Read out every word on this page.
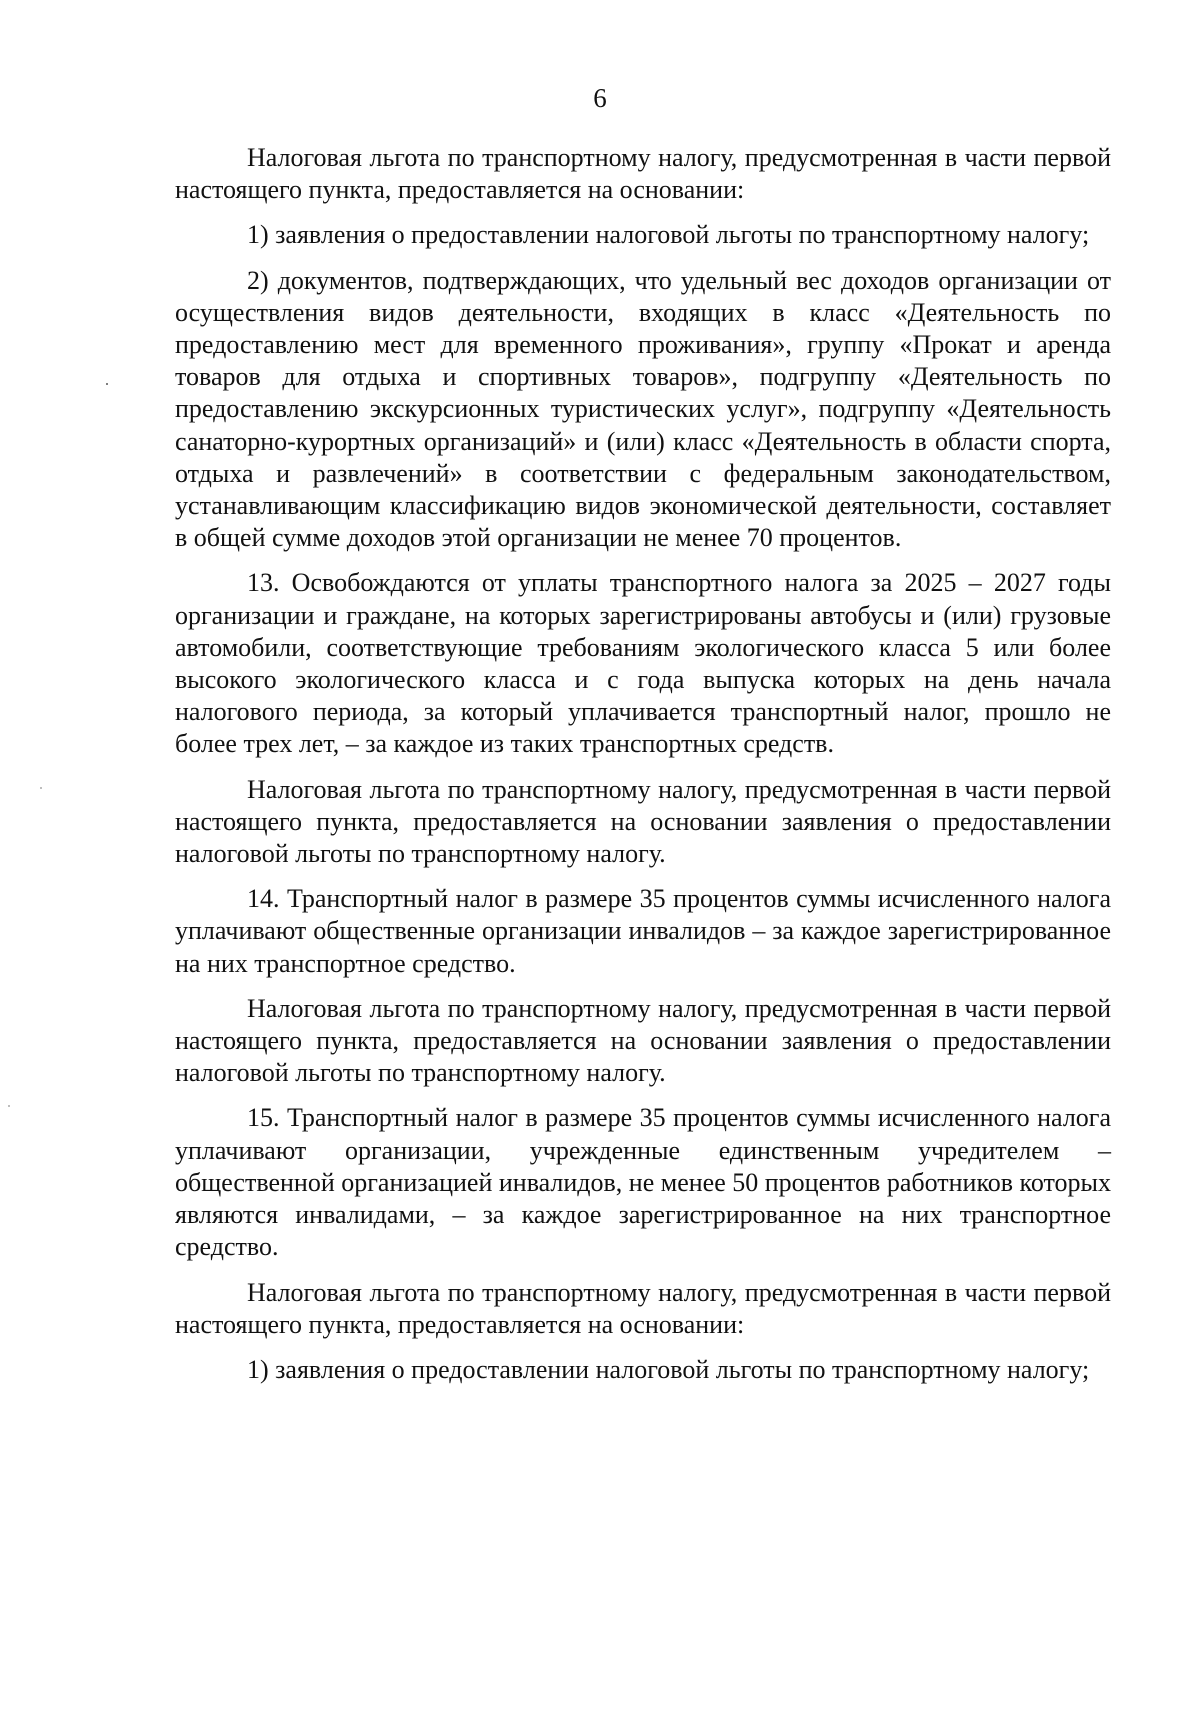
6

Налоговая льгота по транспортному налогу, предусмотренная в части первой настоящего пункта, предоставляется на основании:

1) заявления о предоставлении налоговой льготы по транспортному налогу;

2) документов, подтверждающих, что удельный вес доходов организации от осуществления видов деятельности, входящих в класс «Деятельность по предоставлению мест для временного проживания», группу «Прокат и аренда товаров для отдыха и спортивных товаров», подгруппу «Деятельность по предоставлению экскурсионных туристических услуг», подгруппу «Деятельность санаторно-курортных организаций» и (или) класс «Деятельность в области спорта, отдыха и развлечений» в соответствии с федеральным законодательством, устанавливающим классификацию видов экономической деятельности, составляет в общей сумме доходов этой организации не менее 70 процентов.

13. Освобождаются от уплаты транспортного налога за 2025 – 2027 годы организации и граждане, на которых зарегистрированы автобусы и (или) грузовые автомобили, соответствующие требованиям экологического класса 5 или более высокого экологического класса и с года выпуска которых на день начала налогового периода, за который уплачивается транспортный налог, прошло не более трех лет, – за каждое из таких транспортных средств.

Налоговая льгота по транспортному налогу, предусмотренная в части первой настоящего пункта, предоставляется на основании заявления о предоставлении налоговой льготы по транспортному налогу.

14. Транспортный налог в размере 35 процентов суммы исчисленного налога уплачивают общественные организации инвалидов – за каждое зарегистрированное на них транспортное средство.

Налоговая льгота по транспортному налогу, предусмотренная в части первой настоящего пункта, предоставляется на основании заявления о предоставлении налоговой льготы по транспортному налогу.

15. Транспортный налог в размере 35 процентов суммы исчисленного налога уплачивают организации, учрежденные единственным учредителем – общественной организацией инвалидов, не менее 50 процентов работников которых являются инвалидами, – за каждое зарегистрированное на них транспортное средство.

Налоговая льгота по транспортному налогу, предусмотренная в части первой настоящего пункта, предоставляется на основании:

1) заявления о предоставлении налоговой льготы по транспортному налогу;
